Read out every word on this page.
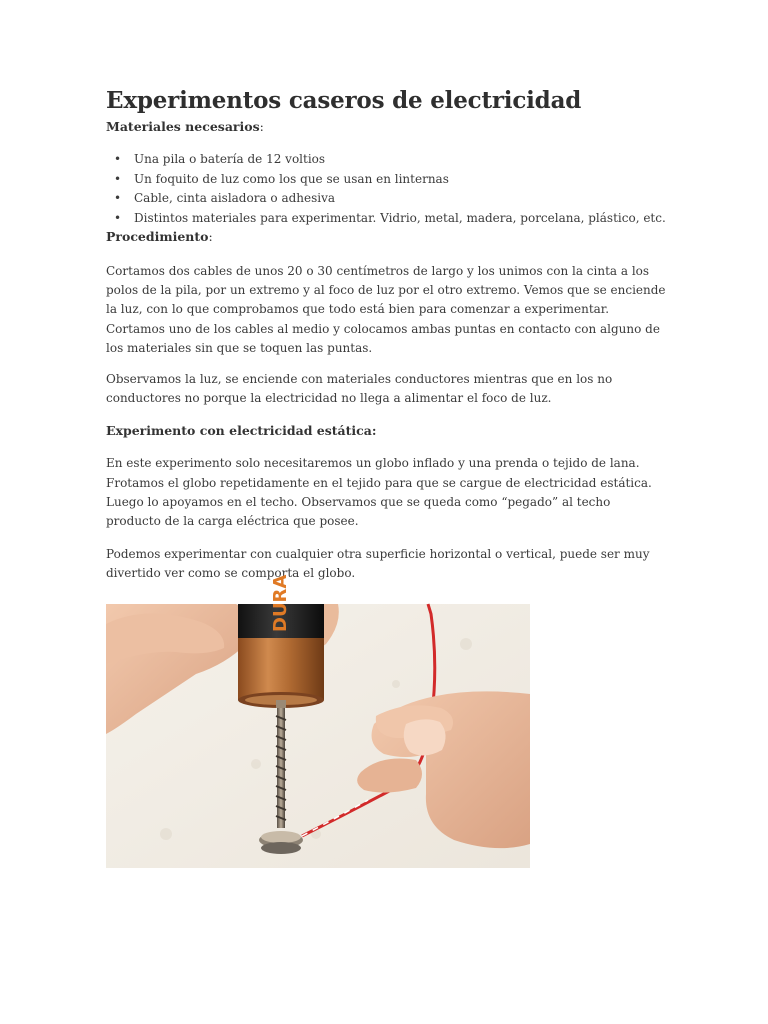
Experimentos caseros de electricidad

Materiales necesarios:

• Una pila o batería de 12 voltios
• Un foquito de luz como los que se usan en linternas
• Cable, cinta aisladora o adhesiva
• Distintos materiales para experimentar. Vidrio, metal, madera, porcelana, plástico, etc.

Procedimiento:

Cortamos dos cables de unos 20 o 30 centímetros de largo y los unimos con la cinta a los polos de la pila, por un extremo y al foco de luz por el otro extremo. Vemos que se enciende la luz, con lo que comprobamos que todo está bien para comenzar a experimentar. Cortamos uno de los cables al medio y colocamos ambas puntas en contacto con alguno de los materiales sin que se toquen las puntas.

Observamos la luz, se enciende con materiales conductores mientras que en los no conductores no porque la electricidad no llega a alimentar el foco de luz.

Experimento con electricidad estática:

En este experimento solo necesitaremos un globo inflado y una prenda o tejido de lana. Frotamos el globo repetidamente en el tejido para que se cargue de electricidad estática. Luego lo apoyamos en el techo. Observamos que se queda como “pegado” al techo producto de la carga eléctrica que posee.

Podemos experimentar con cualquier otra superficie horizontal o vertical, puede ser muy divertido ver como se comporta el globo.

DURA
